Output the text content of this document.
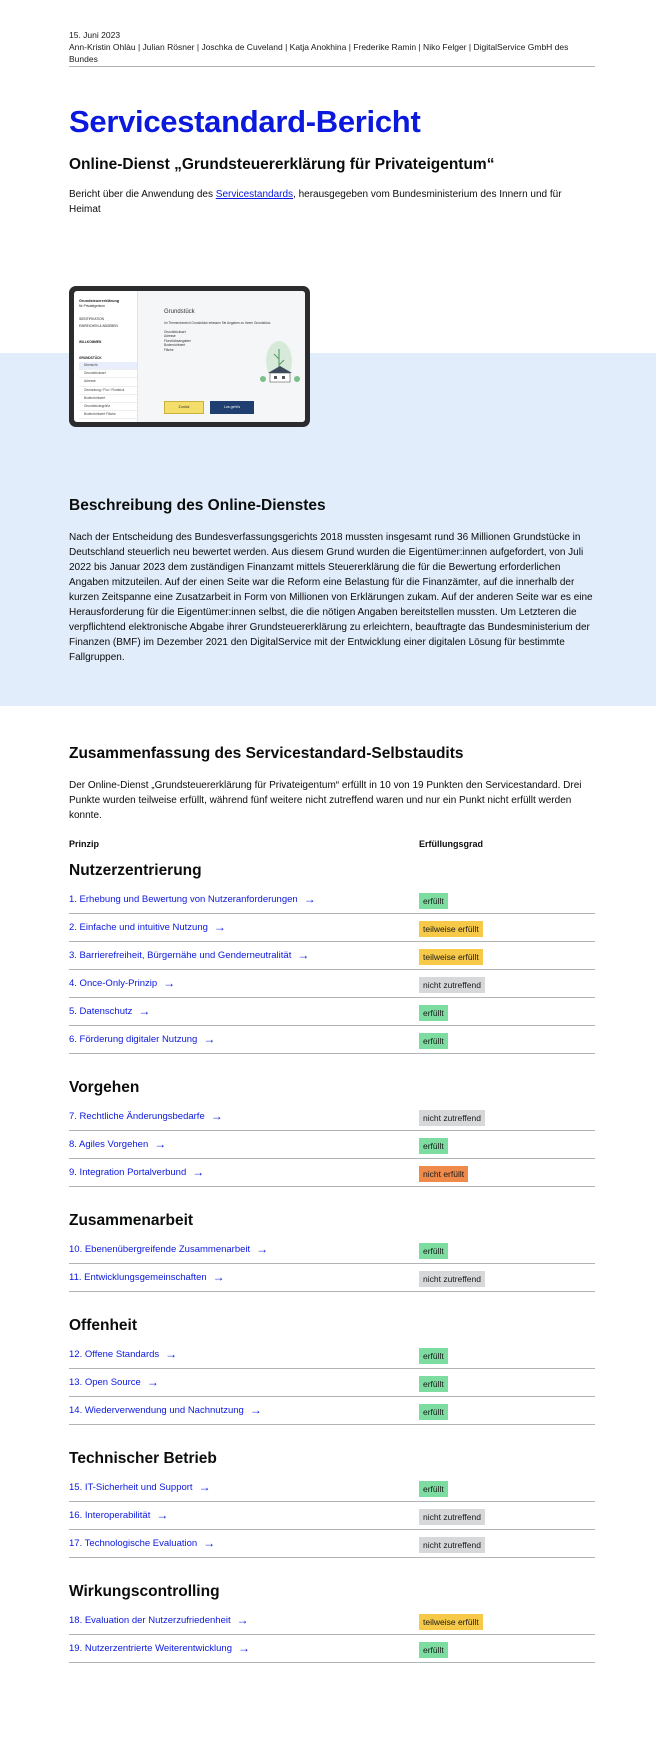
15. Juni 2023
Ann-Kristin Ohlàu | Julian Rösner | Joschka de Cuveland | Katja Anokhina | Frederike Ramin | Niko Felger | DigitalService GmbH des Bundes
Servicestandard-Bericht
Online-Dienst „Grundsteuererklärung für Privateigentum“

Bericht über die Anwendung des Servicestandards, herausgegeben vom Bundesministerium des Innern und für Heimat

Grundsteuererklärung
für Privateigentum
IDENTIFIKATION
EINREICHEN & ABGEBEN
WILLKOMMEN
GRUNDSTÜCK
Übersicht
Grundstücksart
Adresse
Gemarkung / Flur / Flurstück
Bodenrichtwert
Grundstücksgröße
Bodenrichtwert Fläche
Grundstück
Im Themenbereich Grundstück erfassen Sie Angaben zu Ihrem Grundstück.
Grundstücksart
Adresse
Flurstücksangaben
Bodenrichtwert
Fläche
Zurück	Los geht's
Beschreibung des Online-Dienstes

Nach der Entscheidung des Bundesverfassungsgerichts 2018 mussten insgesamt rund 36 Millionen Grundstücke in Deutschland steuerlich neu bewertet werden. Aus diesem Grund wurden die Eigentümer:innen aufgefordert, von Juli 2022 bis Januar 2023 dem zuständigen Finanzamt mittels Steuererklärung die für die Bewertung erforderlichen Angaben mitzuteilen. Auf der einen Seite war die Reform eine Belastung für die Finanzämter, auf die innerhalb der kurzen Zeitspanne eine Zusatzarbeit in Form von Millionen von Erklärungen zukam. Auf der anderen Seite war es eine Herausforderung für die Eigentümer:innen selbst, die die nötigen Angaben bereitstellen mussten. Um Letzteren die verpflichtend elektronische Abgabe ihrer Grundsteuererklärung zu erleichtern, beauftragte das Bundesministerium der Finanzen (BMF) im Dezember 2021 den DigitalService mit der Entwicklung einer digitalen Lösung für bestimmte Fallgruppen.

Zusammenfassung des Servicestandard-Selbstaudits

Der Online-Dienst „Grundsteuererklärung für Privateigentum“ erfüllt in 10 von 19 Punkten den Servicestandard. Drei Punkte wurden teilweise erfüllt, während fünf weitere nicht zutreffend waren und nur ein Punkt nicht erfüllt werden konnte.

Prinzip	Erfüllungsgrad
Nutzerzentrierung
1. Erhebung und Bewertung von Nutzeranforderungen →	erfüllt
2. Einfache und intuitive Nutzung →	teilweise erfüllt
3. Barrierefreiheit, Bürgernähe und Genderneutralität →	teilweise erfüllt
4. Once-Only-Prinzip →	nicht zutreffend
5. Datenschutz →	erfüllt
6. Förderung digitaler Nutzung →	erfüllt
Vorgehen
7. Rechtliche Änderungsbedarfe →	nicht zutreffend
8. Agiles Vorgehen →	erfüllt
9. Integration Portalverbund →	nicht erfüllt
Zusammenarbeit
10. Ebenenübergreifende Zusammenarbeit →	erfüllt
11. Entwicklungsgemeinschaften →	nicht zutreffend
Offenheit
12. Offene Standards →	erfüllt
13. Open Source →	erfüllt
14. Wiederverwendung und Nachnutzung →	erfüllt
Technischer Betrieb
15. IT-Sicherheit und Support →	erfüllt
16. Interoperabilität →	nicht zutreffend
17. Technologische Evaluation →	nicht zutreffend
Wirkungscontrolling
18. Evaluation der Nutzerzufriedenheit →	teilweise erfüllt
19. Nutzerzentrierte Weiterentwicklung →	erfüllt
